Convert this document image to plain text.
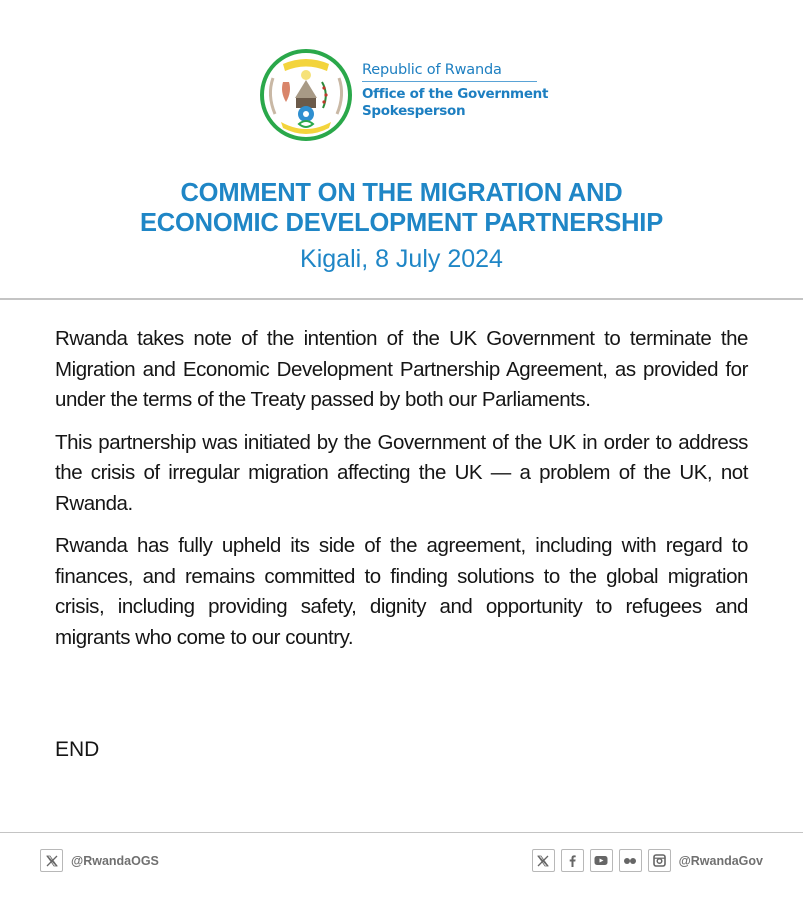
Republic of Rwanda
Office of the Government
Spokesperson
COMMENT ON THE MIGRATION AND
ECONOMIC DEVELOPMENT PARTNERSHIP
Kigali, 8 July 2024

Rwanda takes note of the intention of the UK Government to terminate the Migration and Economic Development Partnership Agreement, as provided for under the terms of the Treaty passed by both our Parliaments.

This partnership was initiated by the Government of the UK in order to address the crisis of irregular migration affecting the UK — a problem of the UK, not Rwanda.

Rwanda has fully upheld its side of the agreement, including with regard to finances, and remains committed to finding solutions to the global migration crisis, including providing safety, dignity and opportunity to refugees and migrants who come to our country.

END
@RwandaOGS	@RwandaGov
